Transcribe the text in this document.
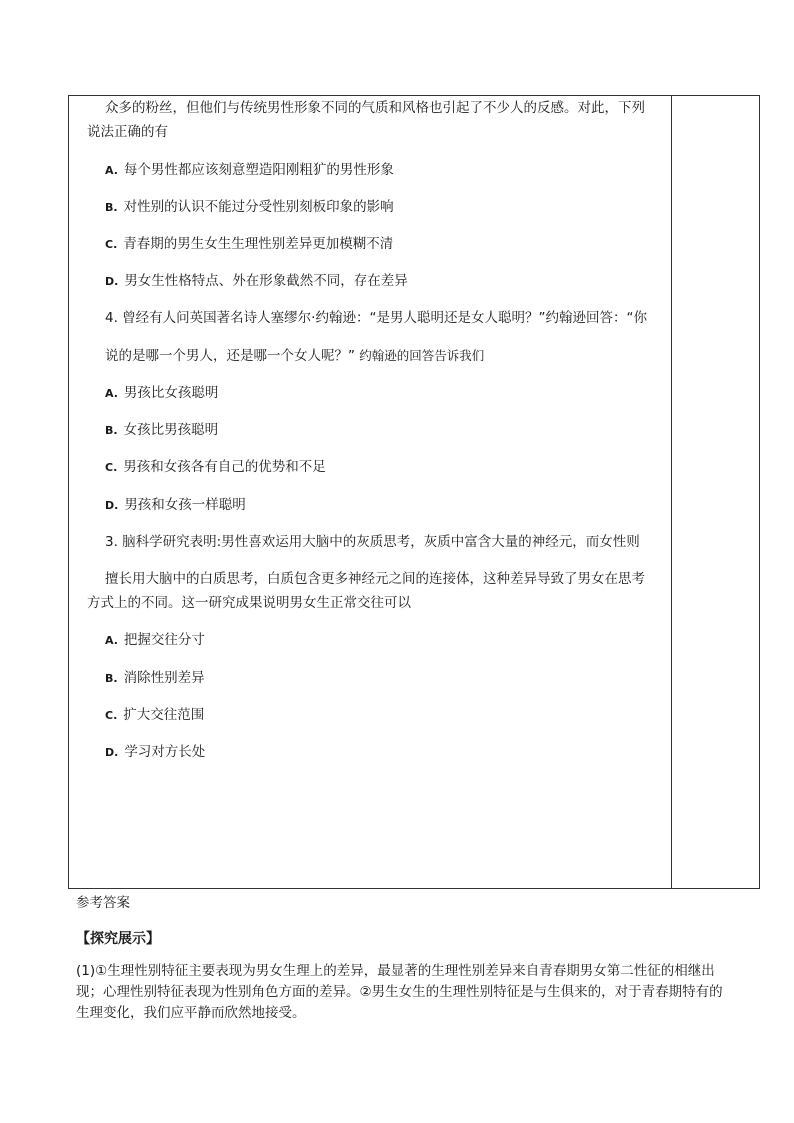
众多的粉丝，但他们与传统男性形象不同的气质和风格也引起了不少人的反感。对此，下列
说法正确的有
A. 每个男性都应该刻意塑造阳刚粗犷的男性形象
B. 对性别的认识不能过分受性别刻板印象的影响
C. 青春期的男生女生生理性别差异更加模糊不清
D. 男女生性格特点、外在形象截然不同，存在差异
4. 曾经有人问英国著名诗人塞缪尔·约翰逊：“是男人聪明还是女人聪明？”约翰逊回答：“你
说的是哪一个男人，还是哪一个女人呢？” 约翰逊的回答告诉我们
A. 男孩比女孩聪明
B. 女孩比男孩聪明
C. 男孩和女孩各有自己的优势和不足
D. 男孩和女孩一样聪明
3. 脑科学研究表明:男性喜欢运用大脑中的灰质思考，灰质中富含大量的神经元，而女性则
擅长用大脑中的白质思考，白质包含更多神经元之间的连接体，这种差异导致了男女在思考
方式上的不同。这一研究成果说明男女生正常交往可以
A. 把握交往分寸
B. 消除性别差异
C. 扩大交往范围
D. 学习对方长处
参考答案
【探究展示】
(1)①生理性别特征主要表现为男女生理上的差异，最显著的生理性别差异来自青春期男女第二性征的相继出现；心理性别特征表现为性别角色方面的差异。②男生女生的生理性别特征是与生俱来的，对于青春期特有的生理变化，我们应平静而欣然地接受。
